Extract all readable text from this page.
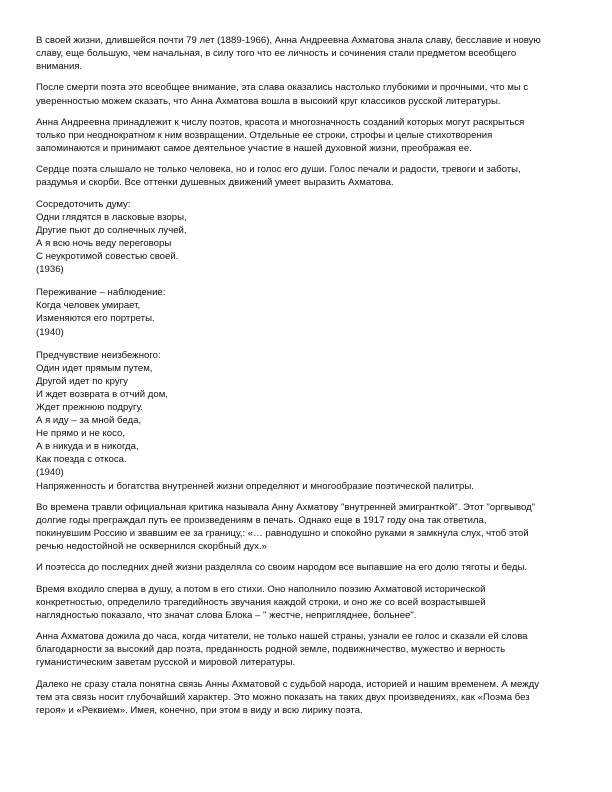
В своей жизни, длившейся почти 79 лет (1889-1966), Анна Андреевна Ахматова знала славу, бесславие и новую
славу, еще большую, чем начальная, в силу того что ее личность и сочинения стали предметом всеобщего
внимания.

После смерти поэта это всеобщее внимание, эта слава оказались настолько глубокими и прочными, что мы с
уверенностью можем сказать, что Анна Ахматова вошла в высокий круг классиков русской литературы.

Анна Андреевна принадлежит к числу поэтов, красота и многозначность созданий которых могут раскрыться
только при неоднократном к ним возвращении. Отдельные ее строки, строфы и целые стихотворения
запоминаются и принимают самое деятельное участие в нашей духовной жизни, преображая ее.

Сердце поэта слышало не только человека, но и голос его души. Голос печали и радости, тревоги и заботы,
раздумья и скорби. Все оттенки душевных движений умеет выразить Ахматова.

Сосредоточить думу:
Одни глядятся в ласковые взоры,
Другие пьют до солнечных лучей,
А я всю ночь веду переговоры
С неукротимой совестью своей.
(1936)
Переживание – наблюдение:
Когда человек умирает,
Изменяются его портреты.
(1940)
Предчувствие неизбежного:
Один идет прямым путем,
Другой идет по кругу
И ждет возврата в отчий дом,
Ждет прежнюю подругу.
А я иду – за мной беда,
Не прямо и не косо,
А в никуда и в никогда,
Как поезда с откоса.
(1940)

Напряженность и богатства внутренней жизни определяют и многообразие поэтической палитры.

Во времена травли официальная критика называла Анну Ахматову "внутренней эмигранткой". Этот "оргвывод"
долгие годы преграждал путь ее произведениям в печать. Однако еще в 1917 году она так ответила,
покинувшим Россию и звавшим ее за границу,: «… равнодушно и спокойно руками я замкнула слух, чтоб этой
речью недостойной не осквернился скорбный дух.»

И поэтесса до последних дней жизни разделяла со своим народом все выпавшие на его долю тяготы и беды.

Время входило сперва в душу, а потом в его стихи. Оно наполнило поэзию Ахматовой исторической
конкретностью, определило трагедийность звучания каждой строки, и оно же со всей возрастывшей
наглядностью показало, что значат слова Блока – " жестче, непригляднее, больнее".

Анна Ахматова дожила до часа, когда читатели, не только нашей страны, узнали ее голос и сказали ей слова
благодарности за высокий дар поэта, преданность родной земле, подвижничество, мужество и верность
гуманистическим заветам русской и мировой литературы.

Далеко не сразу стала понятна связь Анны Ахматовой с судьбой народа, историей и нашим временем. А между
тем эта связь носит глубочайший характер. Это можно показать на таких двух произведениях, как «Поэма без
героя» и «Реквием». Имея, конечно, при этом в виду и всю лирику поэта.
